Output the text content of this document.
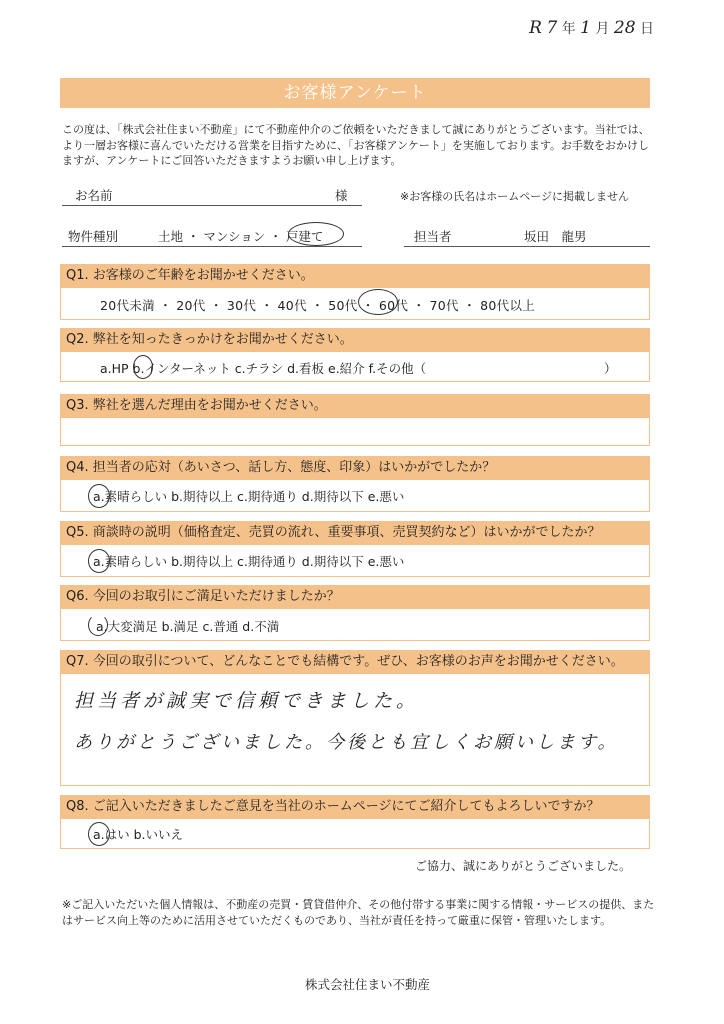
R 7 年 1 月 28 日
お客様アンケート
この度は、「株式会社住まい不動産」にて不動産仲介のご依頼をいただきまして誠にありがとうございます。当社では、より一層お客様に喜んでいただける営業を目指すために、「お客様アンケート」を実施しております。お手数をおかけしますが、アンケートにご回答いただきますようお願い申し上げます。
お名前	様	※お客様の氏名はホームページに掲載しません
物件種別	土地 ・ マンション ・ 戸建て	担当者	坂田　龍男
Q1. お客様のご年齢をお聞かせください。
20代未満 ・ 20代 ・ 30代 ・ 40代 ・ 50代 ・ 60代 ・ 70代 ・ 80代以上
Q2. 弊社を知ったきっかけをお聞かせください。
a.HP b.インターネット c.チラシ d.看板 e.紹介 f.その他（	）
Q3. 弊社を選んだ理由をお聞かせください。
Q4. 担当者の応対（あいさつ、話し方、態度、印象）はいかがでしたか？
a.素晴らしい b.期待以上 c.期待通り d.期待以下 e.悪い
Q5. 商談時の説明（価格査定、売買の流れ、重要事項、売買契約など）はいかがでしたか？
a.素晴らしい b.期待以上 c.期待通り d.期待以下 e.悪い
Q6. 今回のお取引にご満足いただけましたか？
a.大変満足 b.満足 c.普通 d.不満
Q7. 今回の取引について、どんなことでも結構です。ぜひ、お客様のお声をお聞かせください。
担当者が誠実で信頼できました。
ありがとうございました。今後とも宜しくお願いします。
Q8. ご記入いただきましたご意見を当社のホームページにてご紹介してもよろしいですか？
a.はい b.いいえ
ご協力、誠にありがとうございました。
※ご記入いただいた個人情報は、不動産の売買・賃貸借仲介、その他付帯する事業に関する情報・サービスの提供、またはサービス向上等のために活用させていただくものであり、当社が責任を持って厳重に保管・管理いたします。
株式会社住まい不動産
